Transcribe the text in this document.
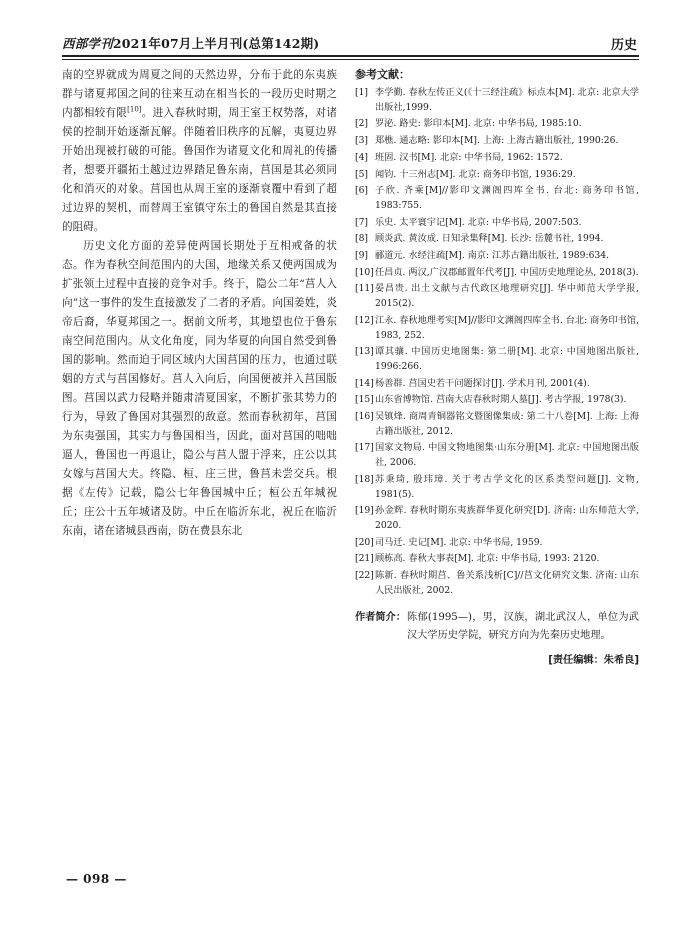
西部学刊2021年07月上半月刊(总第142期)	历史

南的空界就成为周夏之间的天然边界，分布于此的东夷族群与诸夏邦国之间的往来互动在相当长的一段历史时期之内都相较有限[10]。进入春秋时期，周王室王权势落，对诸侯的控制开始逐渐瓦解。伴随着旧秩序的瓦解，夷夏边界开始出现被打破的可能。鲁国作为诸夏文化和周礼的传播者，想要开疆拓土越过边界踏足鲁东南，莒国是其必须同化和消灭的对象。莒国也从周王室的逐渐衰覆中看到了超过边界的契机，而替周王室镇守东土的鲁国自然是其直接的阻碍。

历史文化方面的差异使两国长期处于互相戒备的状态。作为春秋空间范围内的大国，地缘关系又使两国成为扩张领土过程中直接的竞争对手。终于，隐公二年“莒人入向”这一事件的发生直接激发了二者的矛盾。向国姜姓，炎帝后裔，华夏邦国之一。据前文所考，其地望也位于鲁东南空间范围内。从文化角度，同为华夏的向国自然受到鲁国的影响。然而迫于同区域内大国莒国的压力，也通过联姻的方式与莒国修好。莒人入向后，向国便被并入莒国版图。莒国以武力侵略并随肃清夏国家，不断扩张其势力的行为，导致了鲁国对其强烈的敌意。然而春秋初年，莒国为东夷强国，其实力与鲁国相当，因此，面对莒国的咄咄逼人，鲁国也一再退让，隐公与莒人盟于浮来，庄公以其女嫁与莒国大夫。终隐、桓、庄三世，鲁莒未尝交兵。根据《左传》记载，隐公七年鲁国城中丘；桓公五年城祝丘；庄公十五年城诸及防。中丘在临沂东北，祝丘在临沂东南，诸在诸城县西南，防在费县东北

参考文献：
[1] 李学勤. 春秋左传正义(《十三经注疏》标点本[M]. 北京: 北京大学出版社,1999.
[2] 罗泌. 路史: 影印本[M]. 北京: 中华书局, 1985:10.
[3] 郑樵. 通志略: 影印本[M]. 上海: 上海古籍出版社, 1990:26.
[4] 班固. 汉书[M]. 北京: 中华书局, 1962: 1572.
[5] 闻钧. 十三州志[M]. 北京: 商务印书馆, 1936:29.
[6] 子欣. 齐乘[M]//影印文渊阁四库全书. 台北: 商务印书馆, 1983:755.
[7] 乐史. 太平寰宇记[M]. 北京: 中华书局, 2007:503.
[8] 顾炎武. 黄汝成. 日知录集释[M]. 长沙: 岳麓书社, 1994.
[9] 郦道元. 水经注疏[M]. 南京: 江苏古籍出版社, 1989:634.
[10] 任昌贞. 两汉,广汉郡邮置年代考[J]. 中国历史地理论丛, 2018(3).
[11] 晏昌贵. 出土文献与古代政区地理研究[J]. 华中师范大学学报, 2015(2).
[12] 江永. 春秋地理考实[M]//影印文渊阁四库全书. 台北: 商务印书馆, 1983, 252.
[13] 谭其骧. 中国历史地图集: 第二册[M]. 北京: 中国地图出版社, 1996:266.
[14] 杨善群. 莒国史若干问题探讨[J]. 学术月刊, 2001(4).
[15] 山东省博物馆. 莒南大店春秋时期人墓[J]. 考古学报, 1978(3).
[16] 吴镇烽. 商周青铜器铭文暨图像集成: 第二十八卷[M]. 上海: 上海古籍出版社, 2012.
[17] 国家文物局. 中国文物地图集·山东分册[M]. 北京: 中国地图出版社, 2006.
[18] 苏秉琦, 殷玮璋. 关于考古学文化的区系类型问题[J]. 文物, 1981(5).
[19] 孙金辉. 春秋时期东夷族群华夏化研究[D]. 济南: 山东师范大学, 2020.
[20] 司马迁. 史记[M]. 北京: 中华书局, 1959.
[21] 顾栋高. 春秋大事表[M]. 北京: 中华书局, 1993: 2120.
[22] 陈新. 春秋时期莒、鲁关系浅析[C]//莒文化研究文集. 济南: 山东人民出版社, 2002.
作者简介： 陈郁(1995—)，男，汉族，湖北武汉人，单位为武汉大学历史学院，研究方向为先秦历史地理。
[责任编辑：朱希良]
— 098 —
